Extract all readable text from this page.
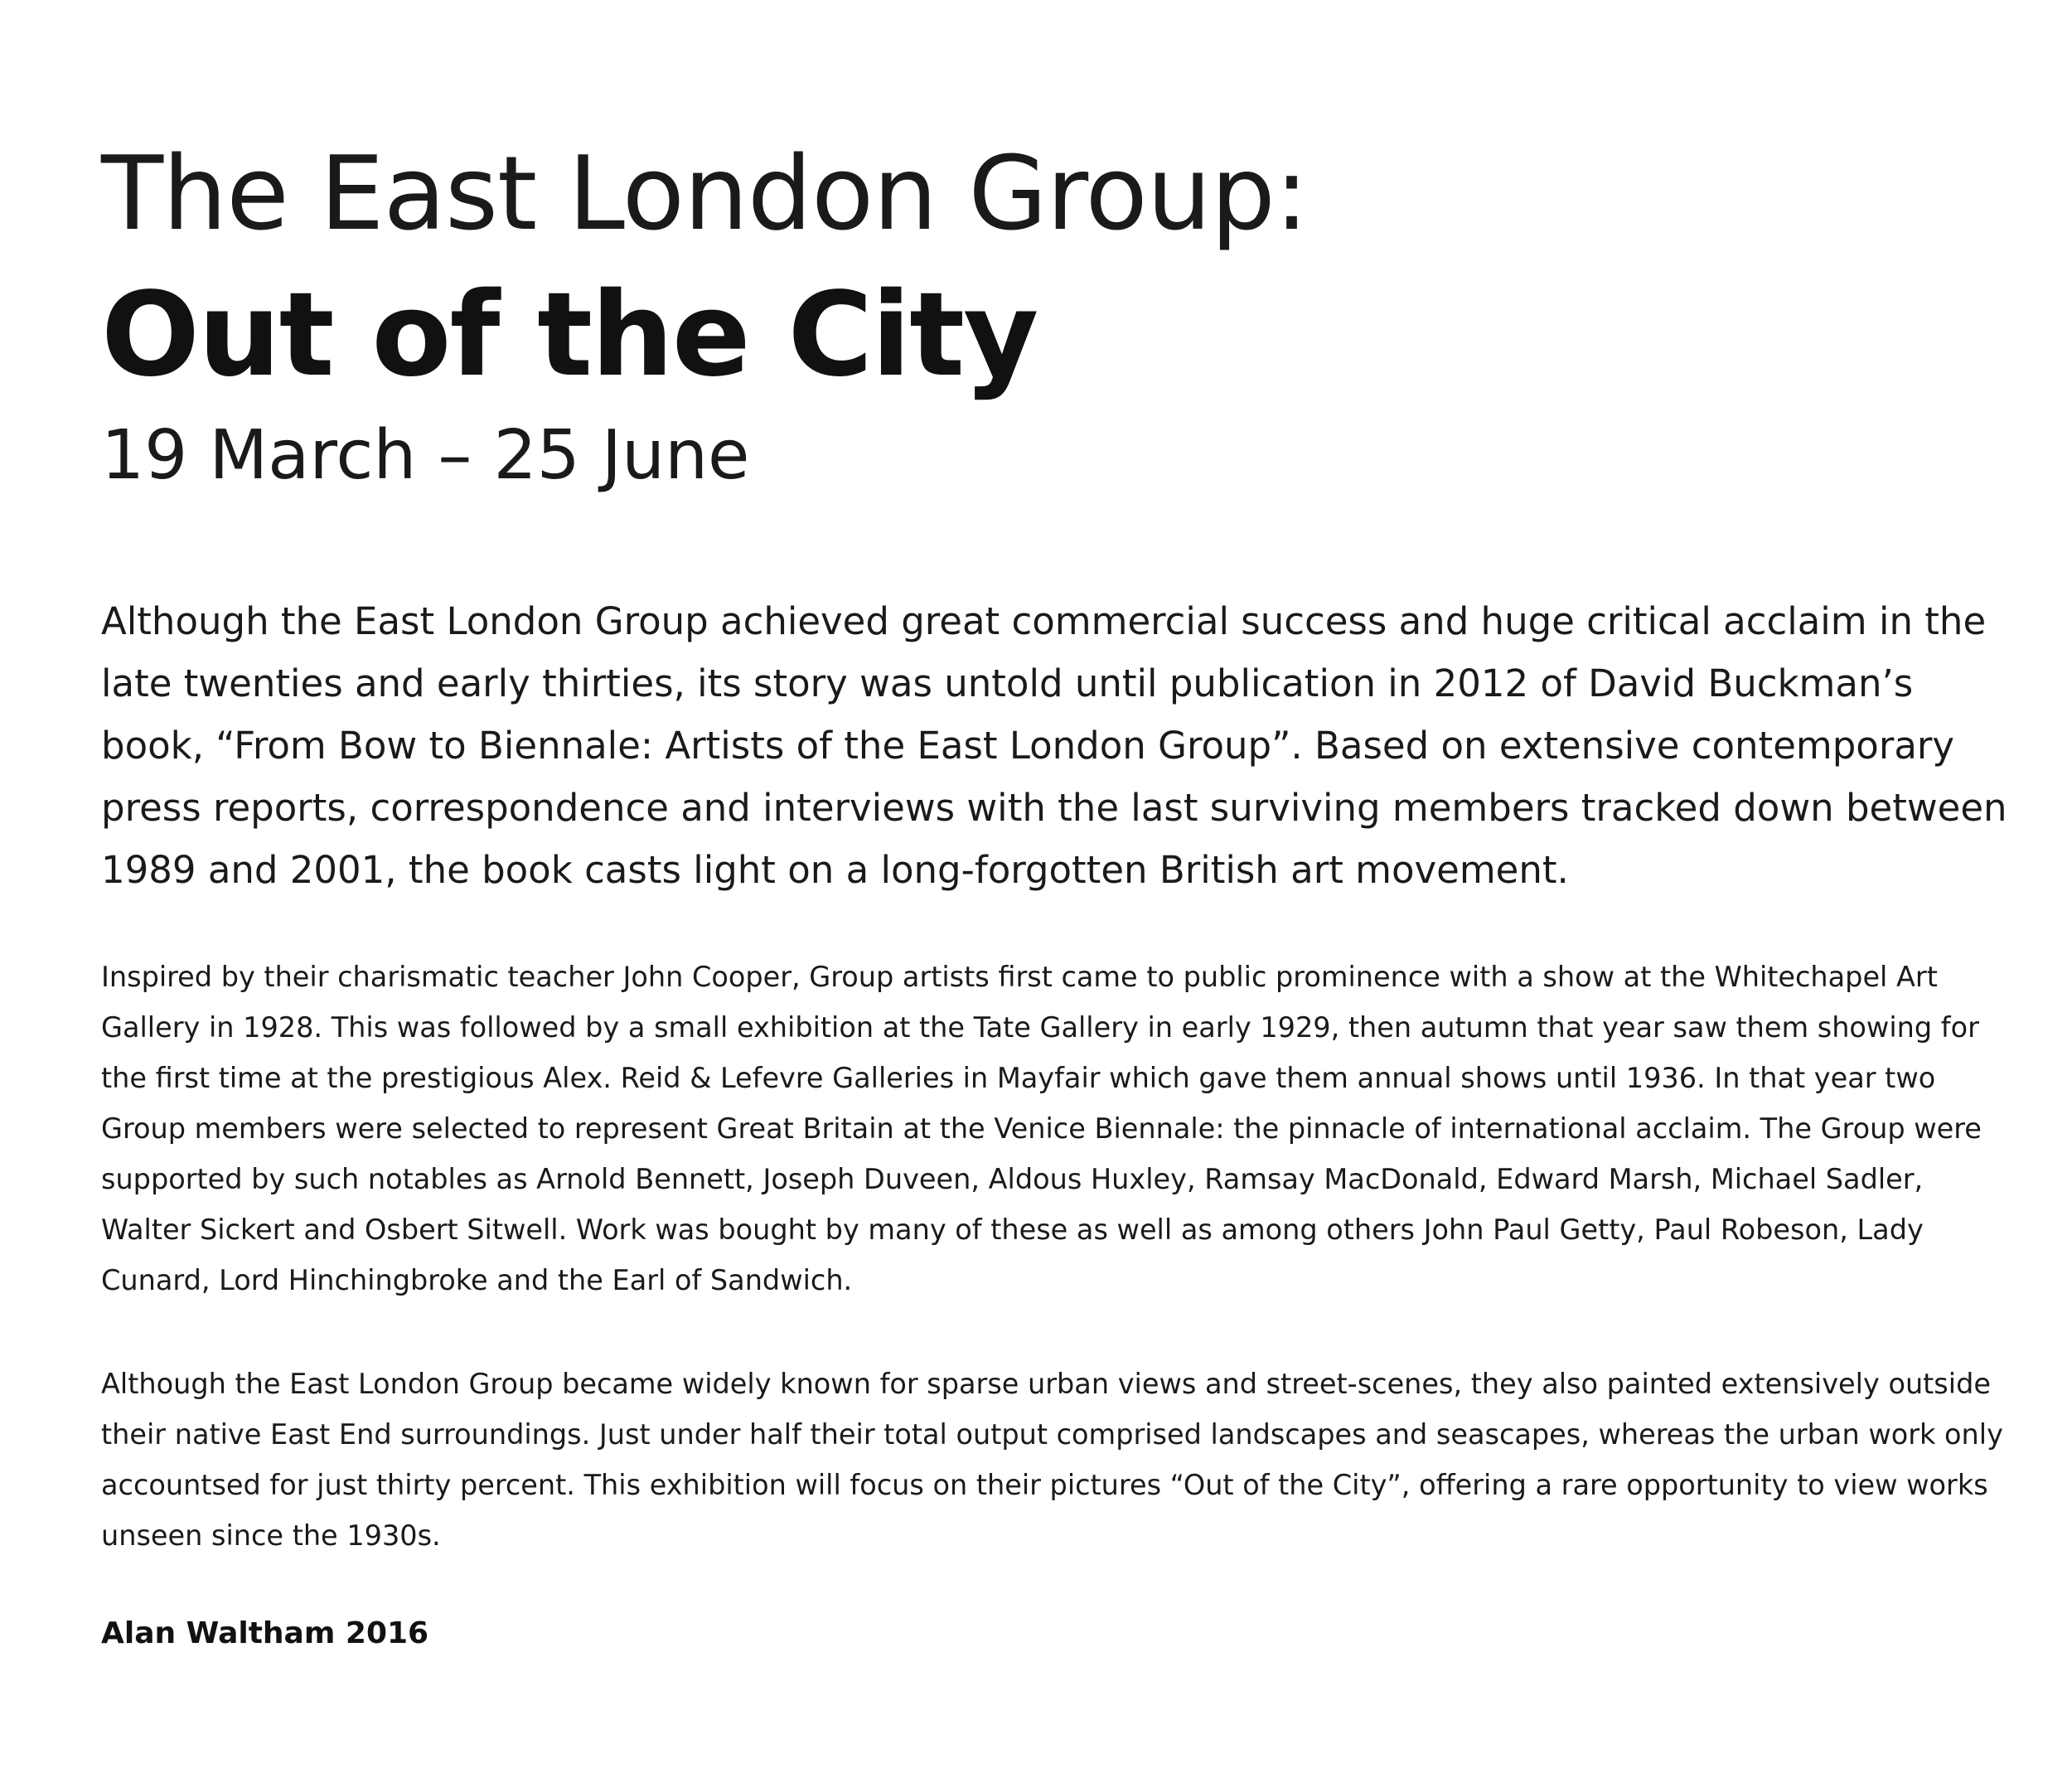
The East London Group:
Out of the City
19 March – 25 June

Although the East London Group achieved great commercial success and huge critical acclaim in the late twenties and early thirties, its story was untold until publication in 2012 of David Buckman’s book, “From Bow to Biennale: Artists of the East London Group”. Based on extensive contemporary press reports, correspondence and interviews with the last surviving members tracked down between 1989 and 2001, the book casts light on a long-forgotten British art movement.

Inspired by their charismatic teacher John Cooper, Group artists first came to public prominence with a show at the Whitechapel Art Gallery in 1928. This was followed by a small exhibition at the Tate Gallery in early 1929, then autumn that year saw them showing for the first time at the prestigious Alex. Reid & Lefevre Galleries in Mayfair which gave them annual shows until 1936. In that year two Group members were selected to represent Great Britain at the Venice Biennale: the pinnacle of international acclaim. The Group were supported by such notables as Arnold Bennett, Joseph Duveen, Aldous Huxley, Ramsay MacDonald, Edward Marsh, Michael Sadler, Walter Sickert and Osbert Sitwell. Work was bought by many of these as well as among others John Paul Getty, Paul Robeson, Lady Cunard, Lord Hinchingbroke and the Earl of Sandwich.

Although the East London Group became widely known for sparse urban views and street-scenes, they also painted extensively outside their native East End surroundings. Just under half their total output comprised landscapes and seascapes, whereas the urban work only accountsed for just thirty percent. This exhibition will focus on their pictures “Out of the City”, offering a rare opportunity to view works unseen since the 1930s.

Alan Waltham 2016
